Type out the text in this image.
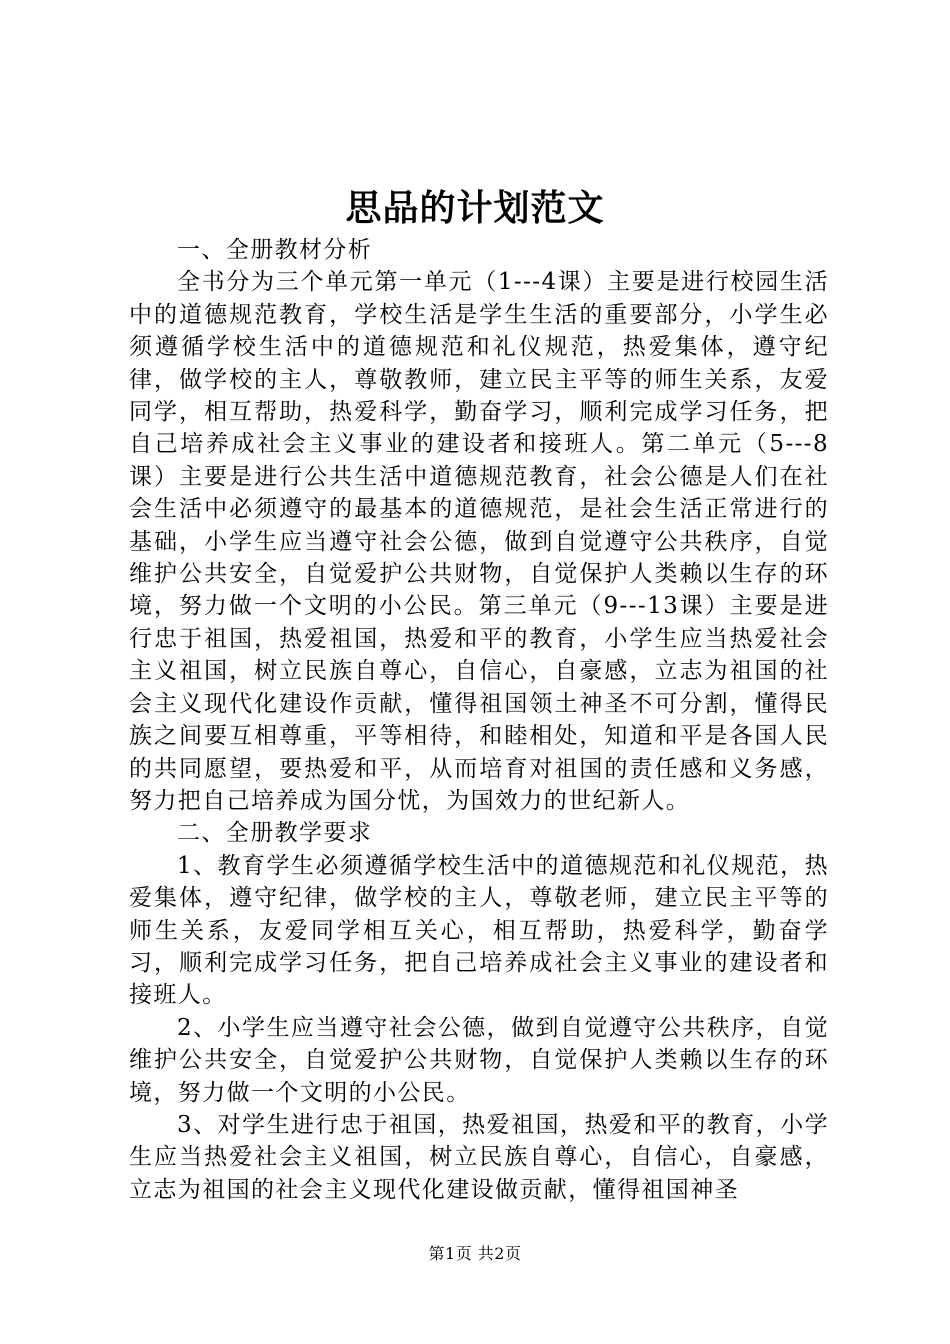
思品的计划范文

一、全册教材分析

全书分为三个单元第一单元（1---4课）主要是进行校园生活中的道德规范教育，学校生活是学生生活的重要部分，小学生必须遵循学校生活中的道德规范和礼仪规范，热爱集体，遵守纪律，做学校的主人，尊敬教师，建立民主平等的师生关系，友爱同学，相互帮助，热爱科学，勤奋学习，顺利完成学习任务，把自己培养成社会主义事业的建设者和接班人。第二单元（5---8课）主要是进行公共生活中道德规范教育，社会公德是人们在社会生活中必须遵守的最基本的道德规范，是社会生活正常进行的基础，小学生应当遵守社会公德，做到自觉遵守公共秩序，自觉维护公共安全，自觉爱护公共财物，自觉保护人类赖以生存的环境，努力做一个文明的小公民。第三单元（9---13课）主要是进行忠于祖国，热爱祖国，热爱和平的教育，小学生应当热爱社会主义祖国，树立民族自尊心，自信心，自豪感，立志为祖国的社会主义现代化建设作贡献，懂得祖国领土神圣不可分割，懂得民族之间要互相尊重，平等相待，和睦相处，知道和平是各国人民的共同愿望，要热爱和平，从而培育对祖国的责任感和义务感，努力把自己培养成为国分忧，为国效力的世纪新人。

二、全册教学要求

1、教育学生必须遵循学校生活中的道德规范和礼仪规范，热爱集体，遵守纪律，做学校的主人，尊敬老师，建立民主平等的师生关系，友爱同学相互关心，相互帮助，热爱科学，勤奋学习，顺利完成学习任务，把自己培养成社会主义事业的建设者和接班人。

2、小学生应当遵守社会公德，做到自觉遵守公共秩序，自觉维护公共安全，自觉爱护公共财物，自觉保护人类赖以生存的环境，努力做一个文明的小公民。

3、对学生进行忠于祖国，热爱祖国，热爱和平的教育，小学生应当热爱社会主义祖国，树立民族自尊心，自信心，自豪感，立志为祖国的社会主义现代化建设做贡献，懂得祖国神圣

第1页 共2页
